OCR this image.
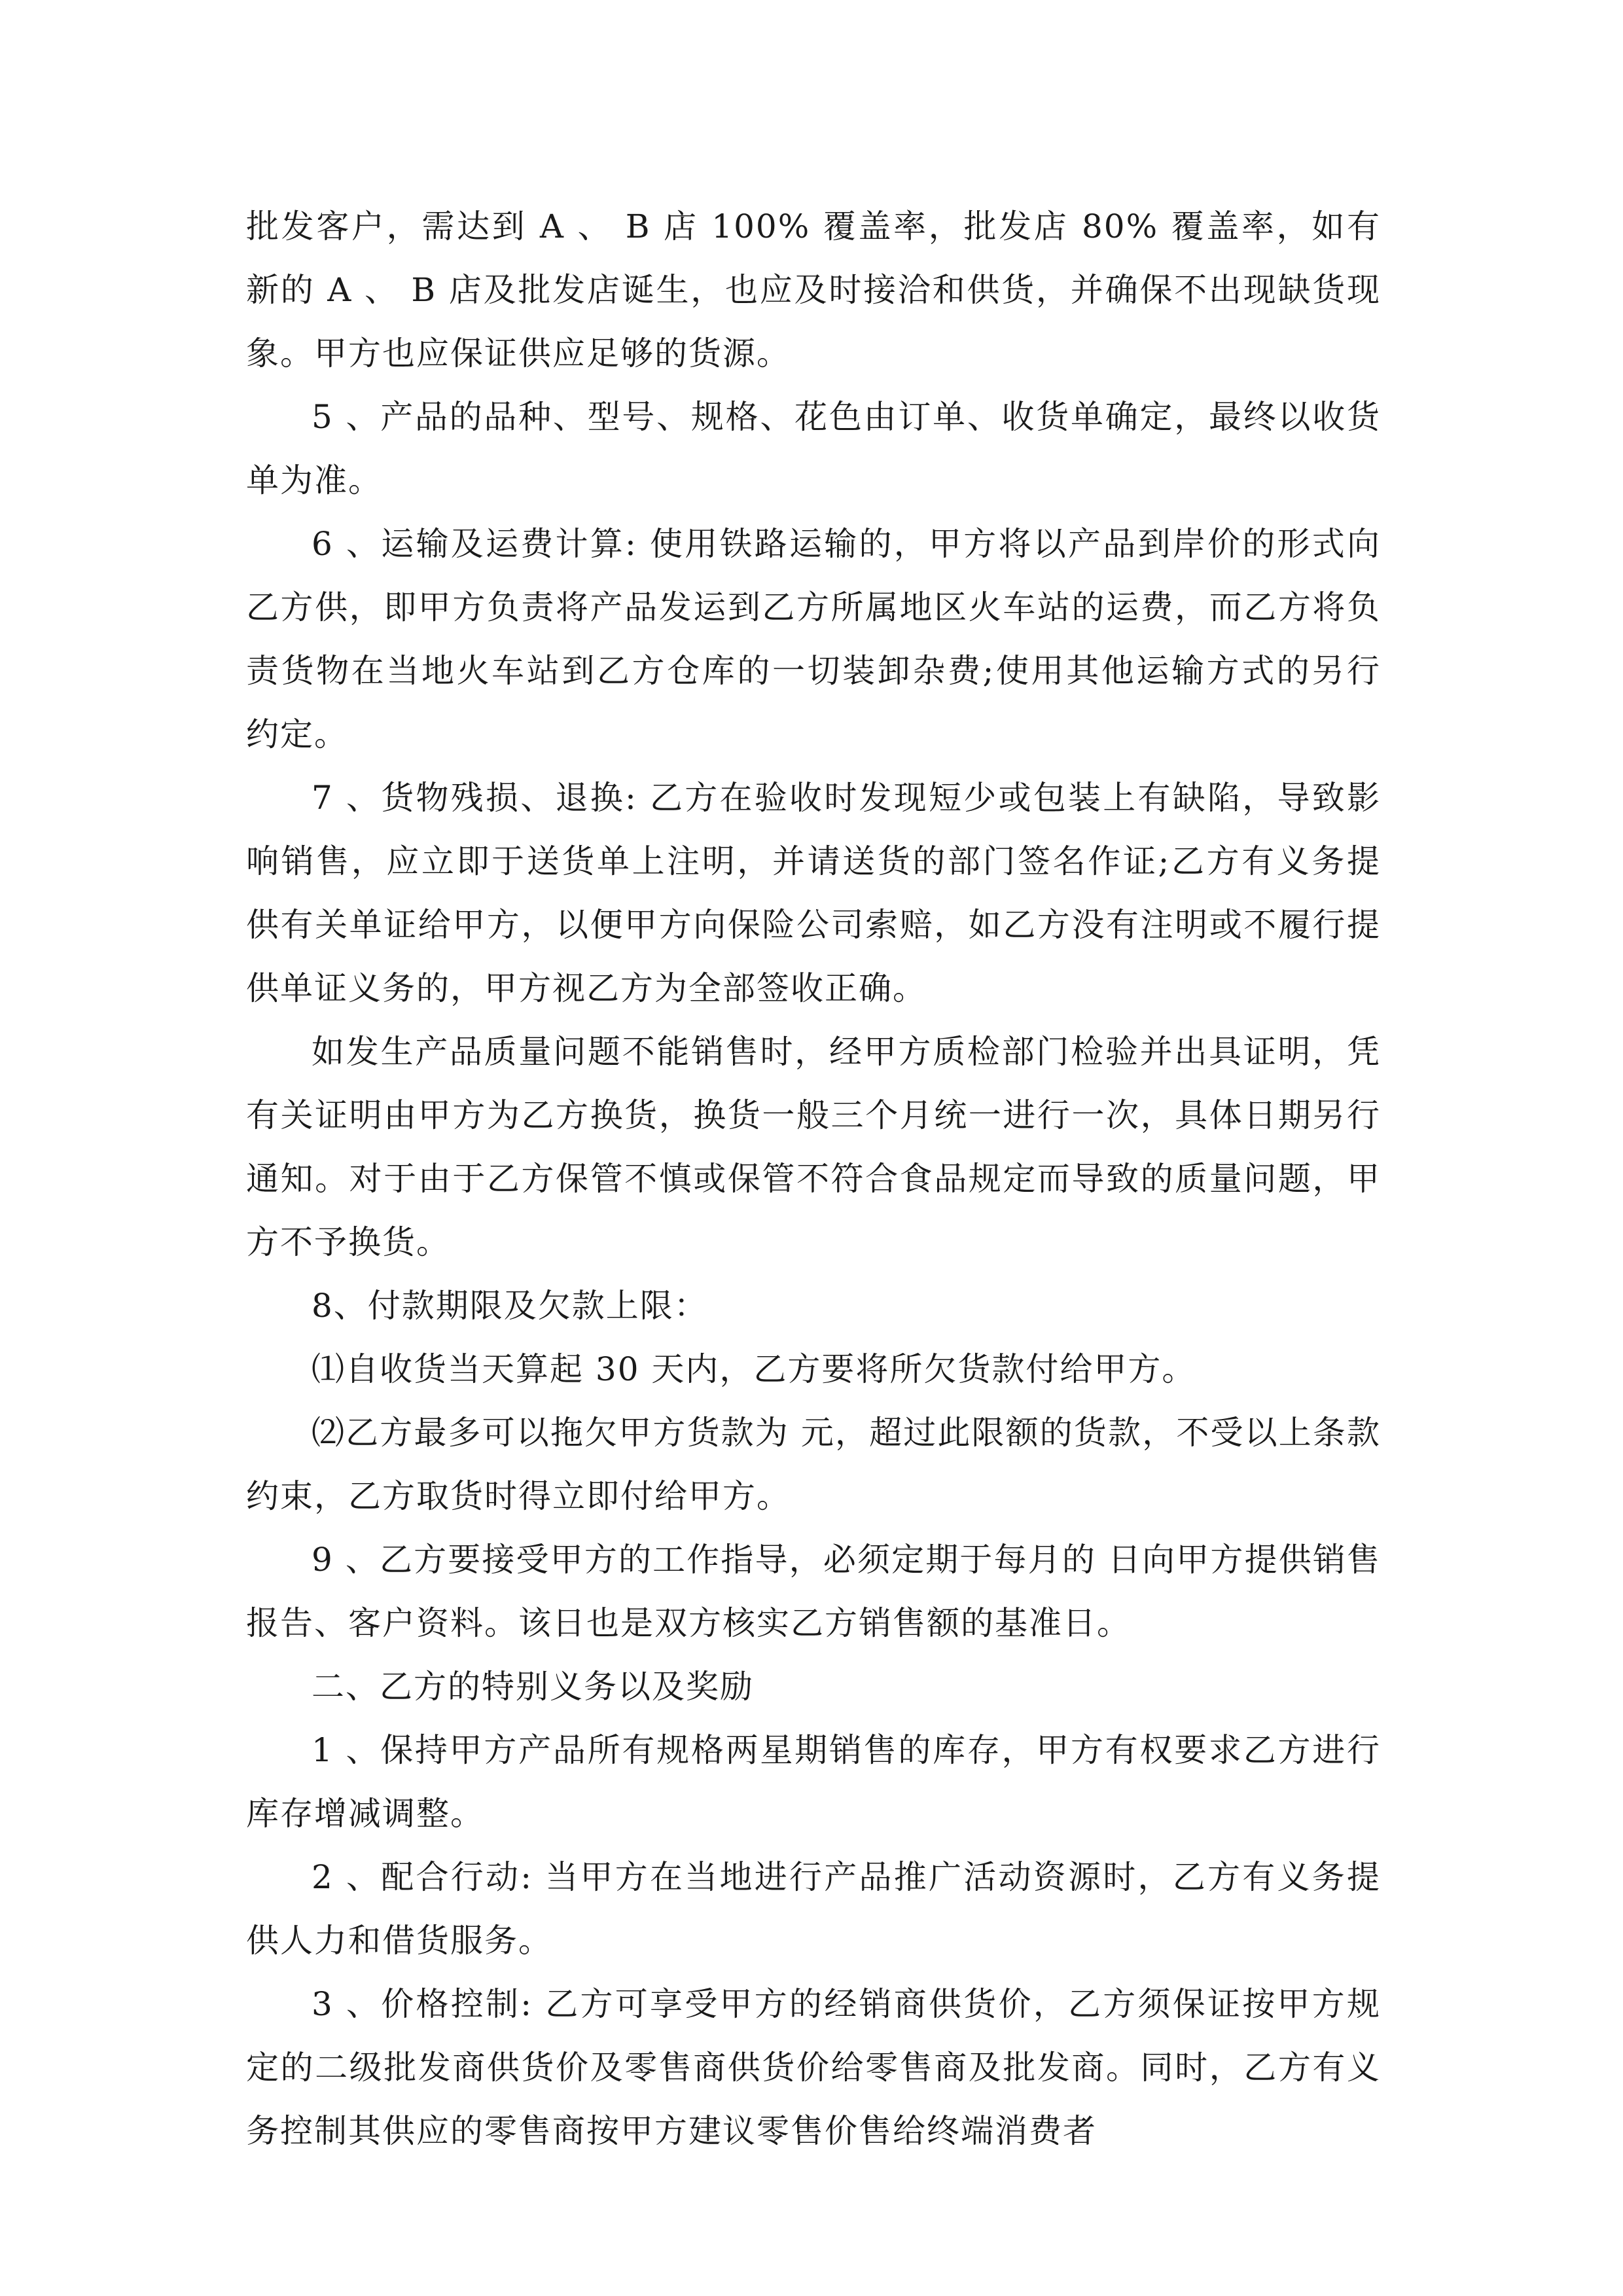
批发客户，需达到 A 、 B 店 100% 覆盖率，批发店 80% 覆盖率，如有新的 A 、 B 店及批发店诞生，也应及时接洽和供货，并确保不出现缺货现象。甲方也应保证供应足够的货源。

5 、产品的品种、型号、规格、花色由订单、收货单确定，最终以收货单为准。

6 、运输及运费计算: 使用铁路运输的，甲方将以产品到岸价的形式向乙方供，即甲方负责将产品发运到乙方所属地区火车站的运费，而乙方将负责货物在当地火车站到乙方仓库的一切装卸杂费;使用其他运输方式的另行约定。

7 、货物残损、退换: 乙方在验收时发现短少或包装上有缺陷，导致影响销售，应立即于送货单上注明，并请送货的部门签名作证;乙方有义务提供有关单证给甲方，以便甲方向保险公司索赔，如乙方没有注明或不履行提供单证义务的，甲方视乙方为全部签收正确。

如发生产品质量问题不能销售时，经甲方质检部门检验并出具证明，凭有关证明由甲方为乙方换货，换货一般三个月统一进行一次，具体日期另行通知。对于由于乙方保管不慎或保管不符合食品规定而导致的质量问题，甲方不予换货。

8、付款期限及欠款上限：

⑴自收货当天算起 30 天内，乙方要将所欠货款付给甲方。

⑵乙方最多可以拖欠甲方货款为 元，超过此限额的货款，不受以上条款约束，乙方取货时得立即付给甲方。

9 、乙方要接受甲方的工作指导，必须定期于每月的 日向甲方提供销售报告、客户资料。该日也是双方核实乙方销售额的基准日。

二、乙方的特别义务以及奖励

1 、保持甲方产品所有规格两星期销售的库存，甲方有权要求乙方进行库存增减调整。

2 、配合行动: 当甲方在当地进行产品推广活动资源时，乙方有义务提供人力和借货服务。

3 、价格控制: 乙方可享受甲方的经销商供货价，乙方须保证按甲方规定的二级批发商供货价及零售商供货价给零售商及批发商。同时，乙方有义务控制其供应的零售商按甲方建议零售价售给终端消费者
